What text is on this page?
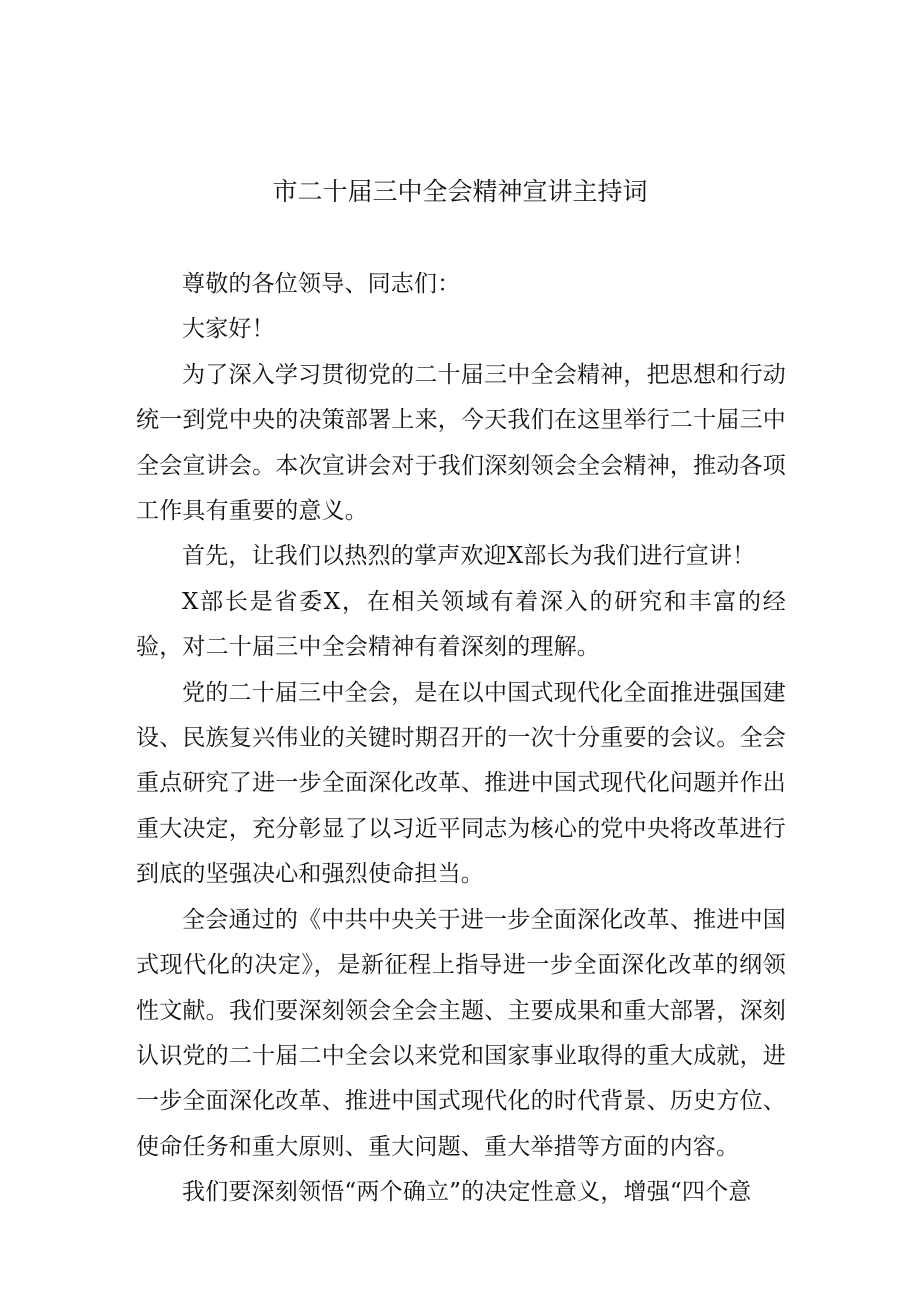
市二十届三中全会精神宣讲主持词

尊敬的各位领导、同志们：

大家好！

为了深入学习贯彻党的二十届三中全会精神，把思想和行动统一到党中央的决策部署上来，今天我们在这里举行二十届三中全会宣讲会。本次宣讲会对于我们深刻领会全会精神，推动各项工作具有重要的意义。

首先，让我们以热烈的掌声欢迎X部长为我们进行宣讲！

X部长是省委X，在相关领域有着深入的研究和丰富的经验，对二十届三中全会精神有着深刻的理解。

党的二十届三中全会，是在以中国式现代化全面推进强国建设、民族复兴伟业的关键时期召开的一次十分重要的会议。全会重点研究了进一步全面深化改革、推进中国式现代化问题并作出重大决定，充分彰显了以习近平同志为核心的党中央将改革进行到底的坚强决心和强烈使命担当。

全会通过的《中共中央关于进一步全面深化改革、推进中国式现代化的决定》，是新征程上指导进一步全面深化改革的纲领性文献。我们要深刻领会全会主题、主要成果和重大部署，深刻认识党的二十届二中全会以来党和国家事业取得的重大成就，进一步全面深化改革、推进中国式现代化的时代背景、历史方位、使命任务和重大原则、重大问题、重大举措等方面的内容。

我们要深刻领悟“两个确立”的决定性意义，增强“四个意
